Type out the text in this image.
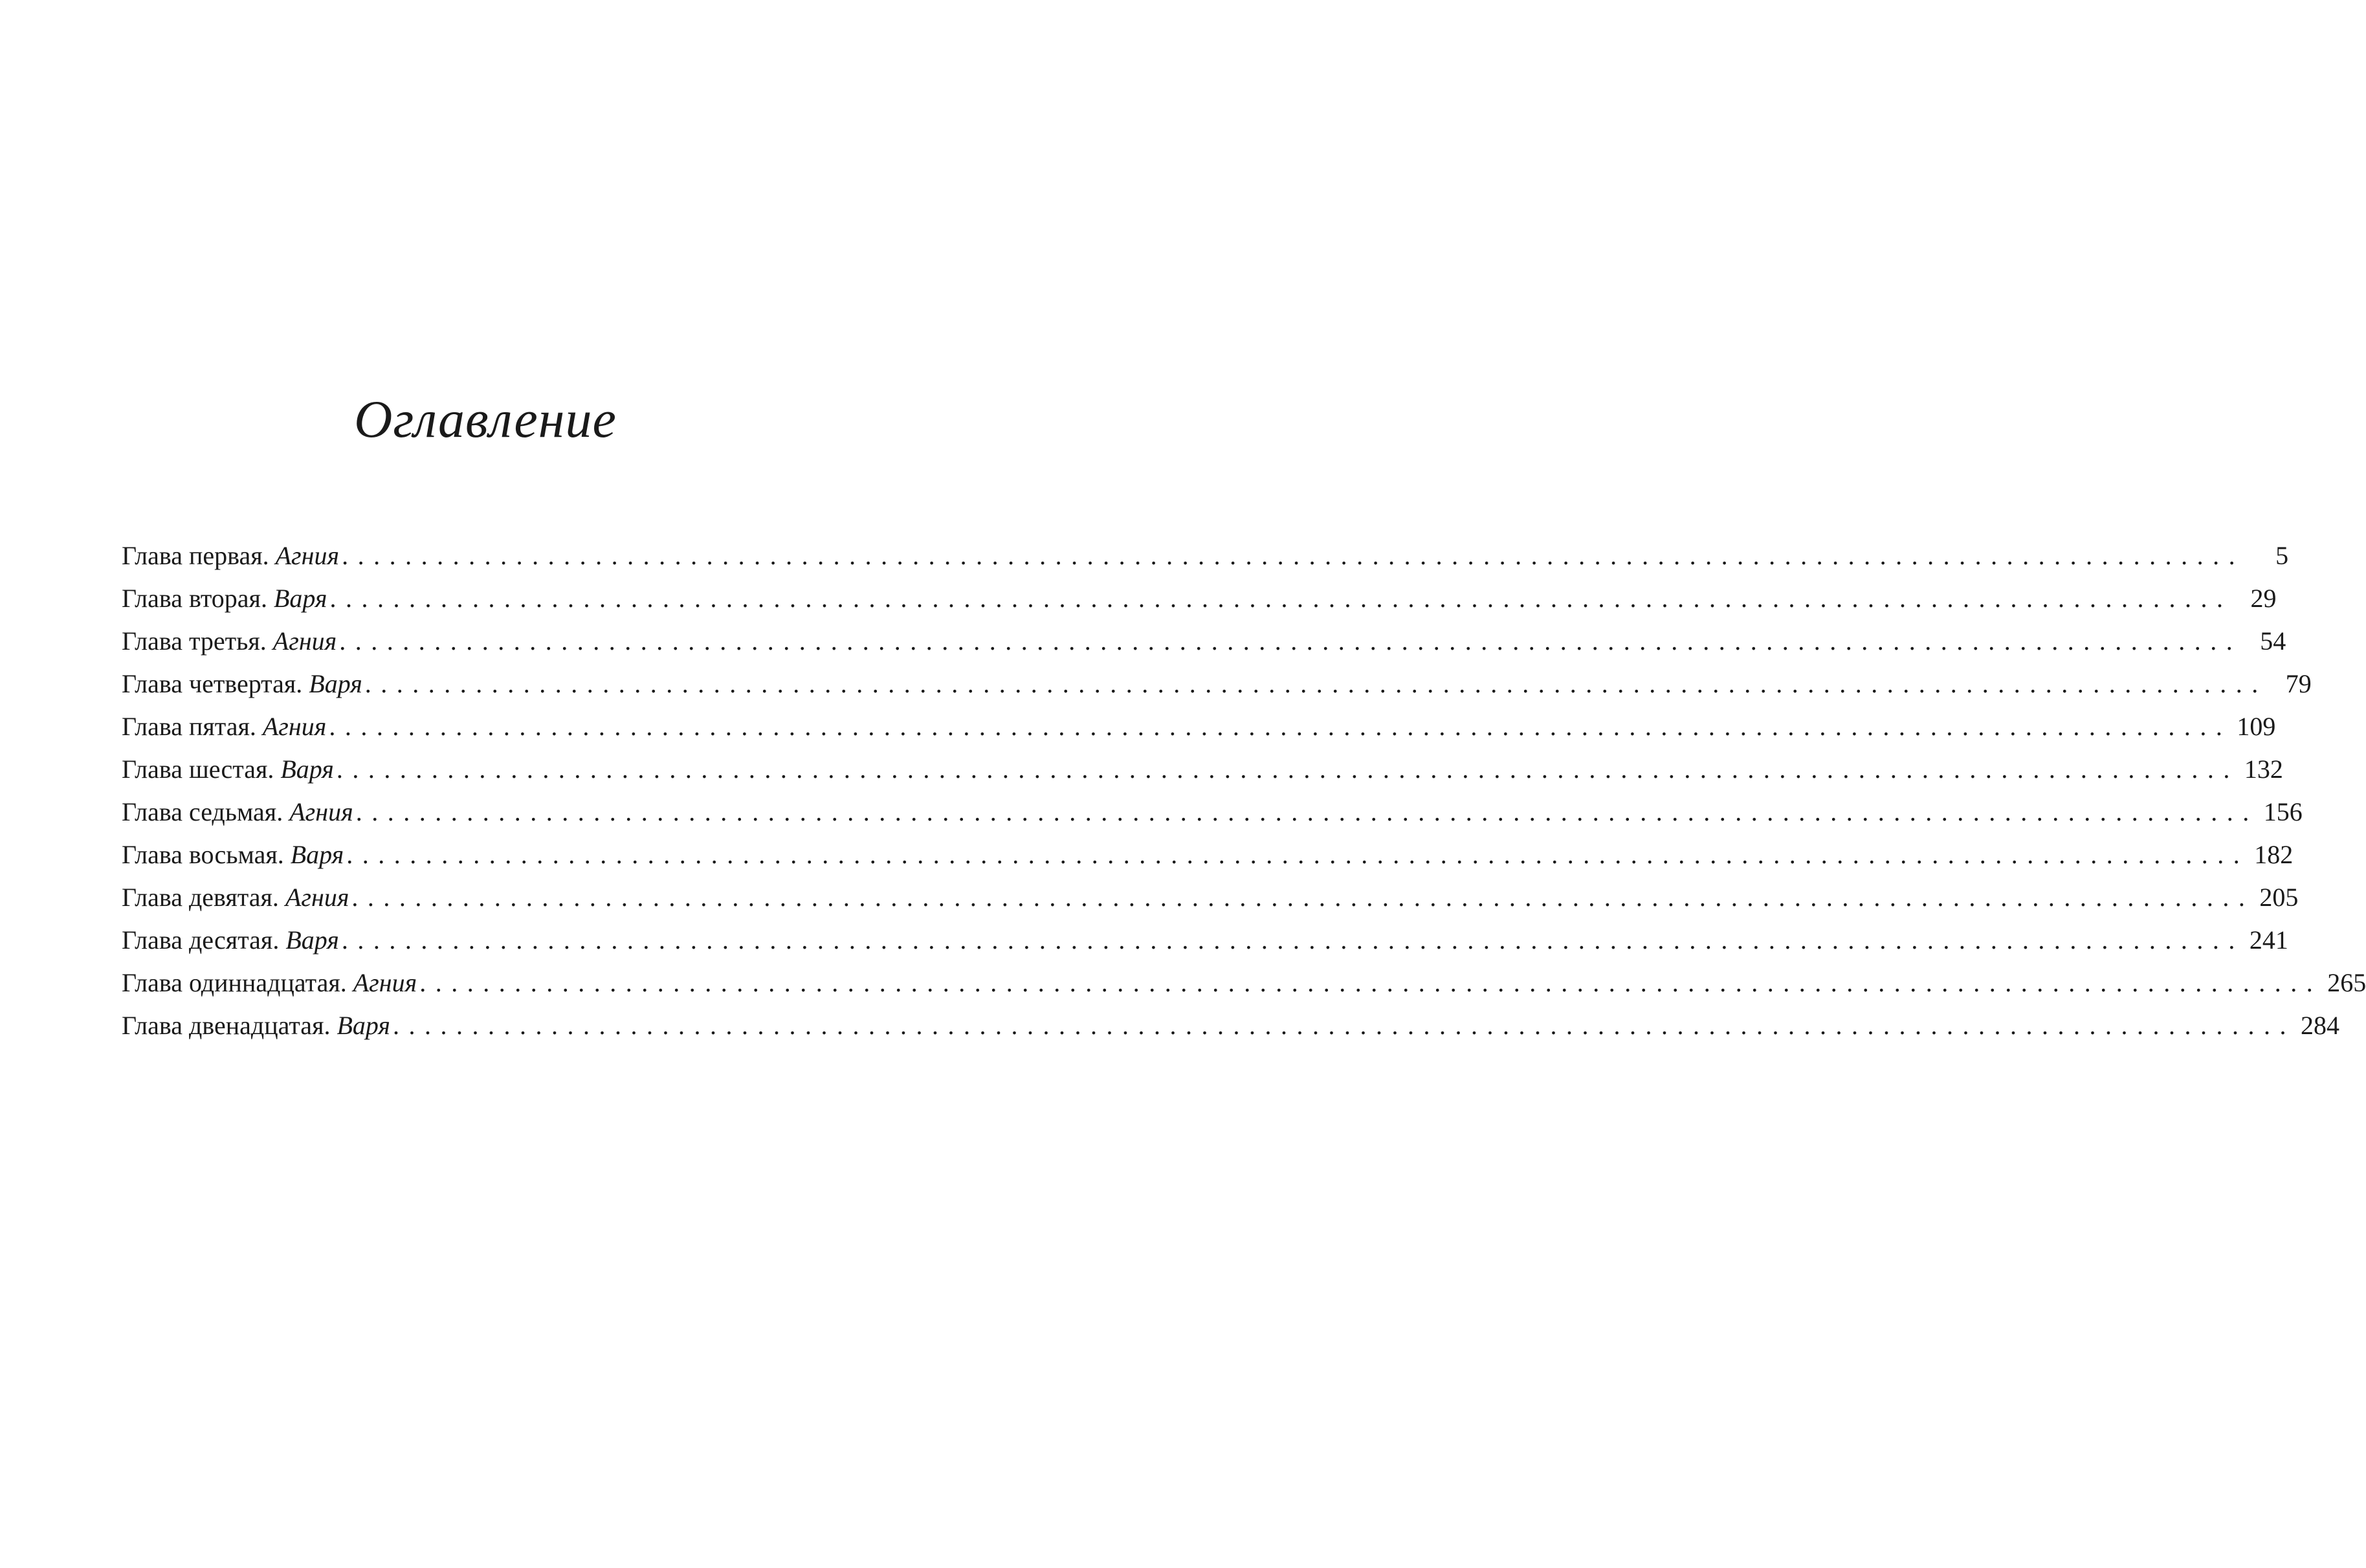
Оглавление
Глава первая. Агния ........................................................................................................................	5
Глава вторая. Варя ........................................................................................................................ 29
Глава третья. Агния ........................................................................................................................ 54
Глава четвертая. Варя ........................................................................................................................ 79
Глава пятая. Агния ........................................................................................................................ 109
Глава шестая. Варя ........................................................................................................................ 132
Глава седьмая. Агния ........................................................................................................................ 156
Глава восьмая. Варя ........................................................................................................................ 182
Глава девятая. Агния ........................................................................................................................ 205
Глава десятая. Варя ........................................................................................................................ 241
Глава одиннадцатая. Агния ........................................................................................................................ 265
Глава двенадцатая. Варя ........................................................................................................................ 284
